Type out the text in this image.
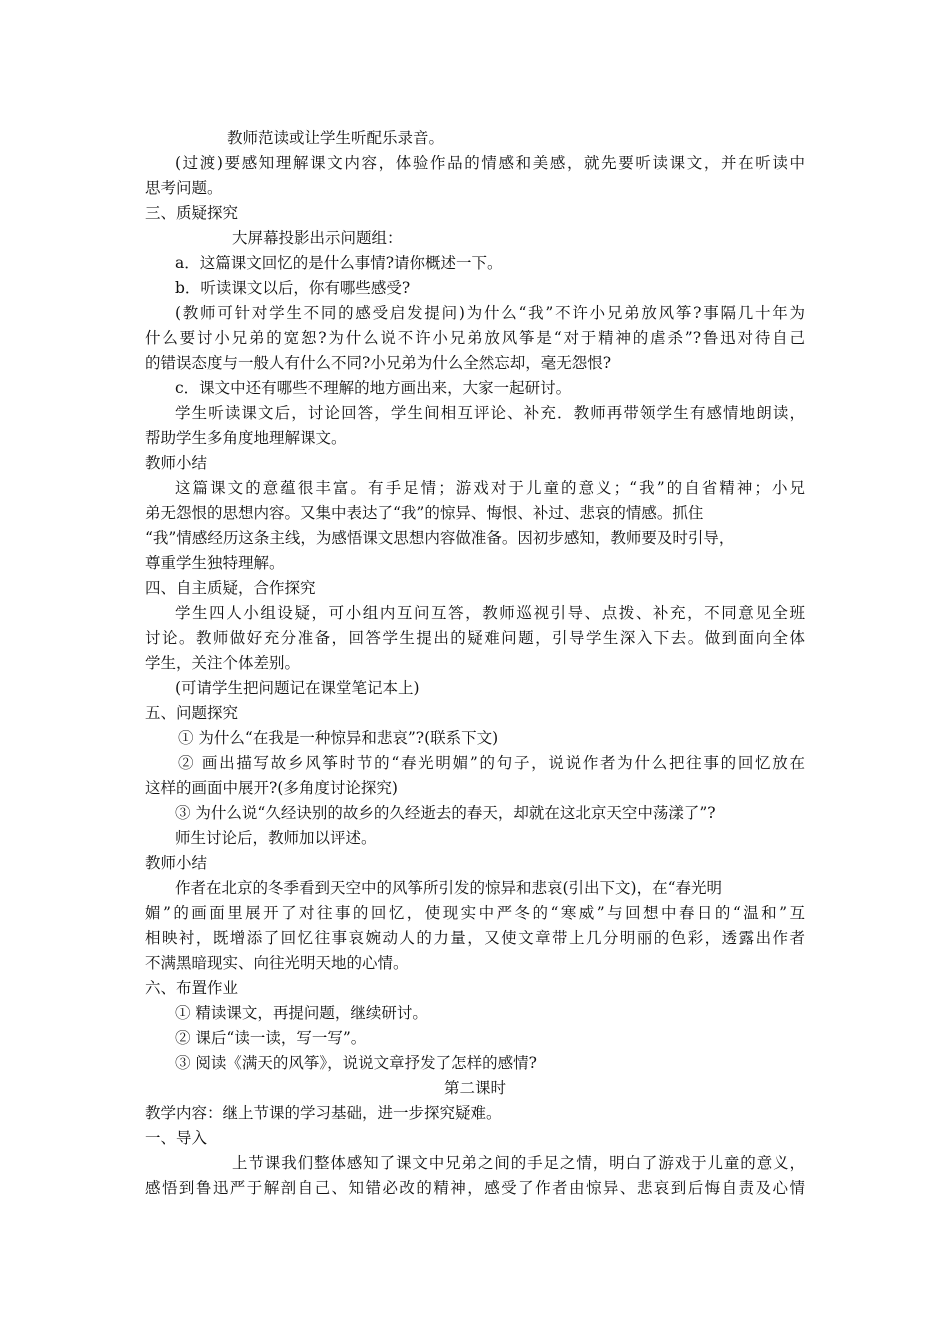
教师范读或让学生听配乐录音。
(过渡)要感知理解课文内容，体验作品的情感和美感，就先要听读课文，并在听读中
思考问题。
三、质疑探究
大屏幕投影出示问题组：
a．这篇课文回忆的是什么事情?请你概述一下。
b．听读课文以后，你有哪些感受?
(教师可针对学生不同的感受启发提问)为什么“我”不许小兄弟放风筝?事隔几十年为
什么要讨小兄弟的宽恕?为什么说不许小兄弟放风筝是“对于精神的虐杀”?鲁迅对待自己
的错误态度与一般人有什么不同?小兄弟为什么全然忘却，毫无怨恨?
c．课文中还有哪些不理解的地方画出来，大家一起研讨。
学生听读课文后，讨论回答，学生间相互评论、补充．教师再带领学生有感情地朗读，
帮助学生多角度地理解课文。
教师小结
这篇课文的意蕴很丰富。有手足情；游戏对于儿童的意义；“我”的自省精神；小兄
弟无怨恨的思想内容。又集中表达了“我”的惊异、悔恨、补过、悲哀的情感。抓住
“我”情感经历这条主线，为感悟课文思想内容做准备。因初步感知，教师要及时引导，
尊重学生独特理解。
四、自主质疑，合作探究
学生四人小组设疑，可小组内互问互答，教师巡视引导、点拨、补充，不同意见全班
讨论。教师做好充分准备，回答学生提出的疑难问题，引导学生深入下去。做到面向全体
学生，关注个体差别。
(可请学生把问题记在课堂笔记本上)
五、问题探究
① 为什么“在我是一种惊异和悲哀”?(联系下文)
② 画出描写故乡风筝时节的“春光明媚”的句子，说说作者为什么把往事的回忆放在
这样的画面中展开?(多角度讨论探究)
③ 为什么说“久经诀别的故乡的久经逝去的春天，却就在这北京天空中荡漾了”?
师生讨论后，教师加以评述。
教师小结
作者在北京的冬季看到天空中的风筝所引发的惊异和悲哀(引出下文)，在“春光明
媚”的画面里展开了对往事的回忆，使现实中严冬的“寒威”与回想中春日的“温和”互
相映衬，既增添了回忆往事哀婉动人的力量，又使文章带上几分明丽的色彩，透露出作者
不满黑暗现实、向往光明天地的心情。
六、布置作业
① 精读课文，再提问题，继续研讨。
② 课后“读一读，写一写”。
③ 阅读《满天的风筝》，说说文章抒发了怎样的感情?
第二课时
教学内容：继上节课的学习基础，进一步探究疑难。
一、导入
上节课我们整体感知了课文中兄弟之间的手足之情，明白了游戏于儿童的意义，
感悟到鲁迅严于解剖自己、知错必改的精神，感受了作者由惊异、悲哀到后悔自责及心情
